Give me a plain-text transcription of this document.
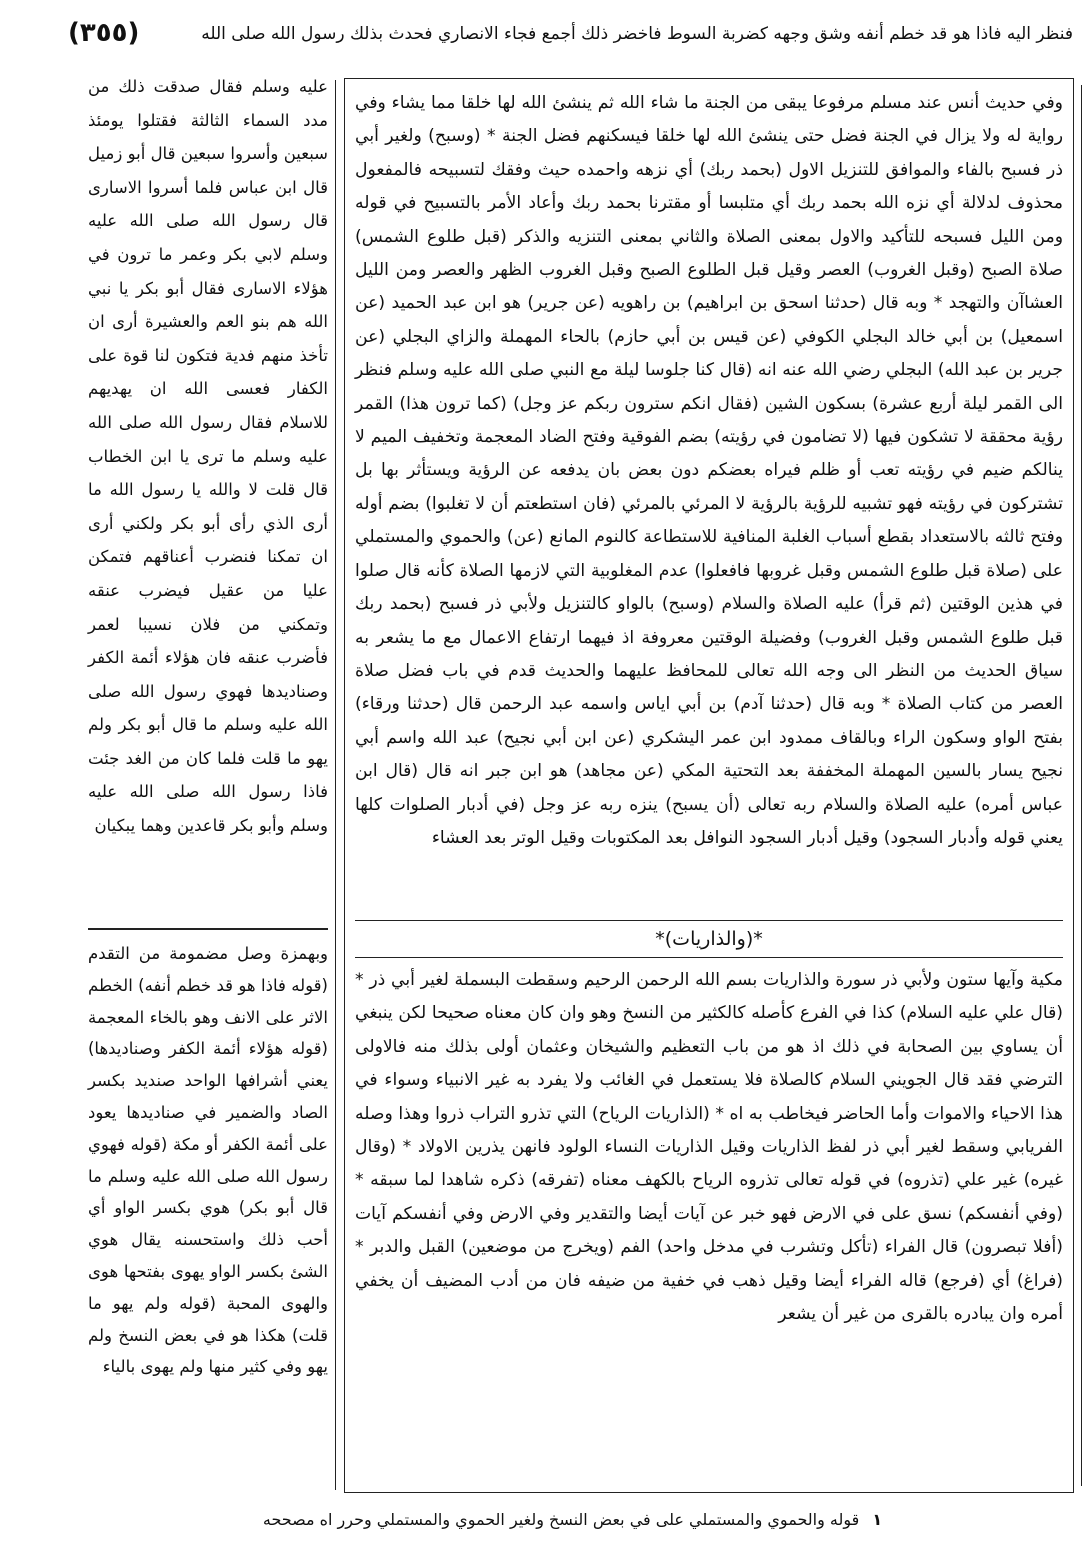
فنظر اليه فاذا هو قد خطم أنفه وشق وجهه كضربة السوط فاخضر ذلك أجمع فجاء الانصاري فحدث بذلك رسول الله صلى الله
(٣٥٥)
وفي حديث أنس عند مسلم مرفوعا يبقى من الجنة ما شاء الله ثم ينشئ الله لها خلقا مما يشاء وفي رواية له ولا يزال في الجنة فضل حتى ينشئ الله لها خلقا فيسكنهم فضل الجنة * (وسبح) ولغير أبي ذر فسبح بالفاء والموافق للتنزيل الاول (بحمد ربك) أي نزهه واحمده حيث وفقك لتسبيحه فالمفعول محذوف لدلالة أي نزه الله بحمد ربك أي متلبسا أو مقترنا بحمد ربك وأعاد الأمر بالتسبيح في قوله ومن الليل فسبحه للتأكيد والاول بمعنى الصلاة والثاني بمعنى التنزيه والذكر (قبل طلوع الشمس) صلاة الصبح (وقبل الغروب) العصر وقيل قبل الطلوع الصبح وقبل الغروب الظهر والعصر ومن الليل العشاآن والتهجد * وبه قال (حدثنا اسحق بن ابراهيم) بن راهويه (عن جرير) هو ابن عبد الحميد (عن اسمعيل) بن أبي خالد البجلي الكوفي (عن قيس بن أبي حازم) بالحاء المهملة والزاي البجلي (عن جرير بن عبد الله) البجلي رضي الله عنه انه (قال كنا جلوسا ليلة مع النبي صلى الله عليه وسلم فنظر الى القمر ليلة أربع عشرة) بسكون الشين (فقال انكم سترون ربكم عز وجل) (كما ترون هذا) القمر رؤية محققة لا تشكون فيها (لا تضامون في رؤيته) بضم الفوقية وفتح الضاد المعجمة وتخفيف الميم لا ينالكم ضيم في رؤيته تعب أو ظلم فيراه بعضكم دون بعض بان يدفعه عن الرؤية ويستأثر بها بل تشتركون في رؤيته فهو تشبيه للرؤية بالرؤية لا المرئي بالمرئي (فان استطعتم أن لا تغلبوا) بضم أوله وفتح ثالثه بالاستعداد بقطع أسباب الغلبة المنافية للاستطاعة كالنوم المانع (عن) والحموي والمستملي على (صلاة قبل طلوع الشمس وقبل غروبها فافعلوا) عدم المغلوبية التي لازمها الصلاة كأنه قال صلوا في هذين الوقتين (ثم قرأ) عليه الصلاة والسلام (وسبح) بالواو كالتنزيل ولأبي ذر فسبح (بحمد ربك قبل طلوع الشمس وقبل الغروب) وفضيلة الوقتين معروفة اذ فيهما ارتفاع الاعمال مع ما يشعر به سياق الحديث من النظر الى وجه الله تعالى للمحافظ عليهما والحديث قدم في باب فضل صلاة العصر من كتاب الصلاة * وبه قال (حدثنا آدم) بن أبي اياس واسمه عبد الرحمن قال (حدثنا ورقاء) بفتح الواو وسكون الراء وبالقاف ممدود ابن عمر اليشكري (عن ابن أبي نجيح) عبد الله واسم أبي نجيح يسار بالسين المهملة المخففة بعد التحتية المكي (عن مجاهد) هو ابن جبر انه قال (قال ابن عباس أمره) عليه الصلاة والسلام ربه تعالى (أن يسبح) ينزه ربه عز وجل (في أدبار الصلوات كلها يعني قوله وأدبار السجود) وقيل أدبار السجود النوافل بعد المكتوبات وقيل الوتر بعد العشاء
*(والذاريات)*
مكية وآيها ستون ولأبي ذر سورة والذاريات بسم الله الرحمن الرحيم وسقطت البسملة لغير أبي ذر * (قال علي عليه السلام) كذا في الفرع كأصله كالكثير من النسخ وهو وان كان معناه صحيحا لكن ينبغي أن يساوي بين الصحابة في ذلك اذ هو من باب التعظيم والشيخان وعثمان أولى بذلك منه فالاولى الترضي فقد قال الجويني السلام كالصلاة فلا يستعمل في الغائب ولا يفرد به غير الانبياء وسواء في هذا الاحياء والاموات وأما الحاضر فيخاطب به اه * (الذاريات الرياح) التي تذرو التراب ذروا وهذا وصله الفريابي وسقط لغير أبي ذر لفظ الذاريات وقيل الذاريات النساء الولود فانهن يذرين الاولاد * (وقال غيره) غير علي (تذروه) في قوله تعالى تذروه الرياح بالكهف معناه (تفرقه) ذكره شاهدا لما سبقه * (وفي أنفسكم) نسق على في الارض فهو خبر عن آيات أيضا والتقدير وفي الارض وفي أنفسكم آيات (أفلا تبصرون) قال الفراء (تأكل وتشرب في مدخل واحد) الفم (ويخرج من موضعين) القبل والدبر * (فراغ) أي (فرجع) قاله الفراء أيضا وقيل ذهب في خفية من ضيفه فان من أدب المضيف أن يخفي أمره وان يبادره بالقرى من غير أن يشعر
عليه وسلم فقال صدقت ذلك من مدد السماء الثالثة فقتلوا يومئذ سبعين وأسروا سبعين قال أبو زميل قال ابن عباس فلما أسروا الاسارى قال رسول الله صلى الله عليه وسلم لابي بكر وعمر ما ترون في هؤلاء الاسارى فقال أبو بكر يا نبي الله هم بنو العم والعشيرة أرى ان تأخذ منهم فدية فتكون لنا قوة على الكفار فعسى الله ان يهديهم للاسلام فقال رسول الله صلى الله عليه وسلم ما ترى يا ابن الخطاب قال قلت لا والله يا رسول الله ما أرى الذي رأى أبو بكر ولكني أرى ان تمكنا فنضرب أعناقهم فتمكن عليا من عقيل فيضرب عنقه وتمكني من فلان نسيبا لعمر فأضرب عنقه فان هؤلاء أئمة الكفر وصناديدها فهوي رسول الله صلى الله عليه وسلم ما قال أبو بكر ولم يهو ما قلت فلما كان من الغد جئت فاذا رسول الله صلى الله عليه وسلم وأبو بكر قاعدين وهما يبكيان
وبهمزة وصل مضمومة من التقدم (قوله فاذا هو قد خطم أنفه) الخطم الاثر على الانف وهو بالخاء المعجمة (قوله هؤلاء أئمة الكفر وصناديدها) يعني أشرافها الواحد صنديد بكسر الصاد والضمير في صناديدها يعود على أئمة الكفر أو مكة (قوله فهوي رسول الله صلى الله عليه وسلم ما قال أبو بكر) هوي بكسر الواو أي أحب ذلك واستحسنه يقال هوي الشئ بكسر الواو يهوى بفتحها هوى والهوى المحبة (قوله ولم يهو ما قلت) هكذا هو في بعض النسخ ولم يهو وفي كثير منها ولم يهوى بالياء
١ قوله والحموي والمستملي على في بعض النسخ ولغير الحموي والمستملي وحرر اه مصححه
